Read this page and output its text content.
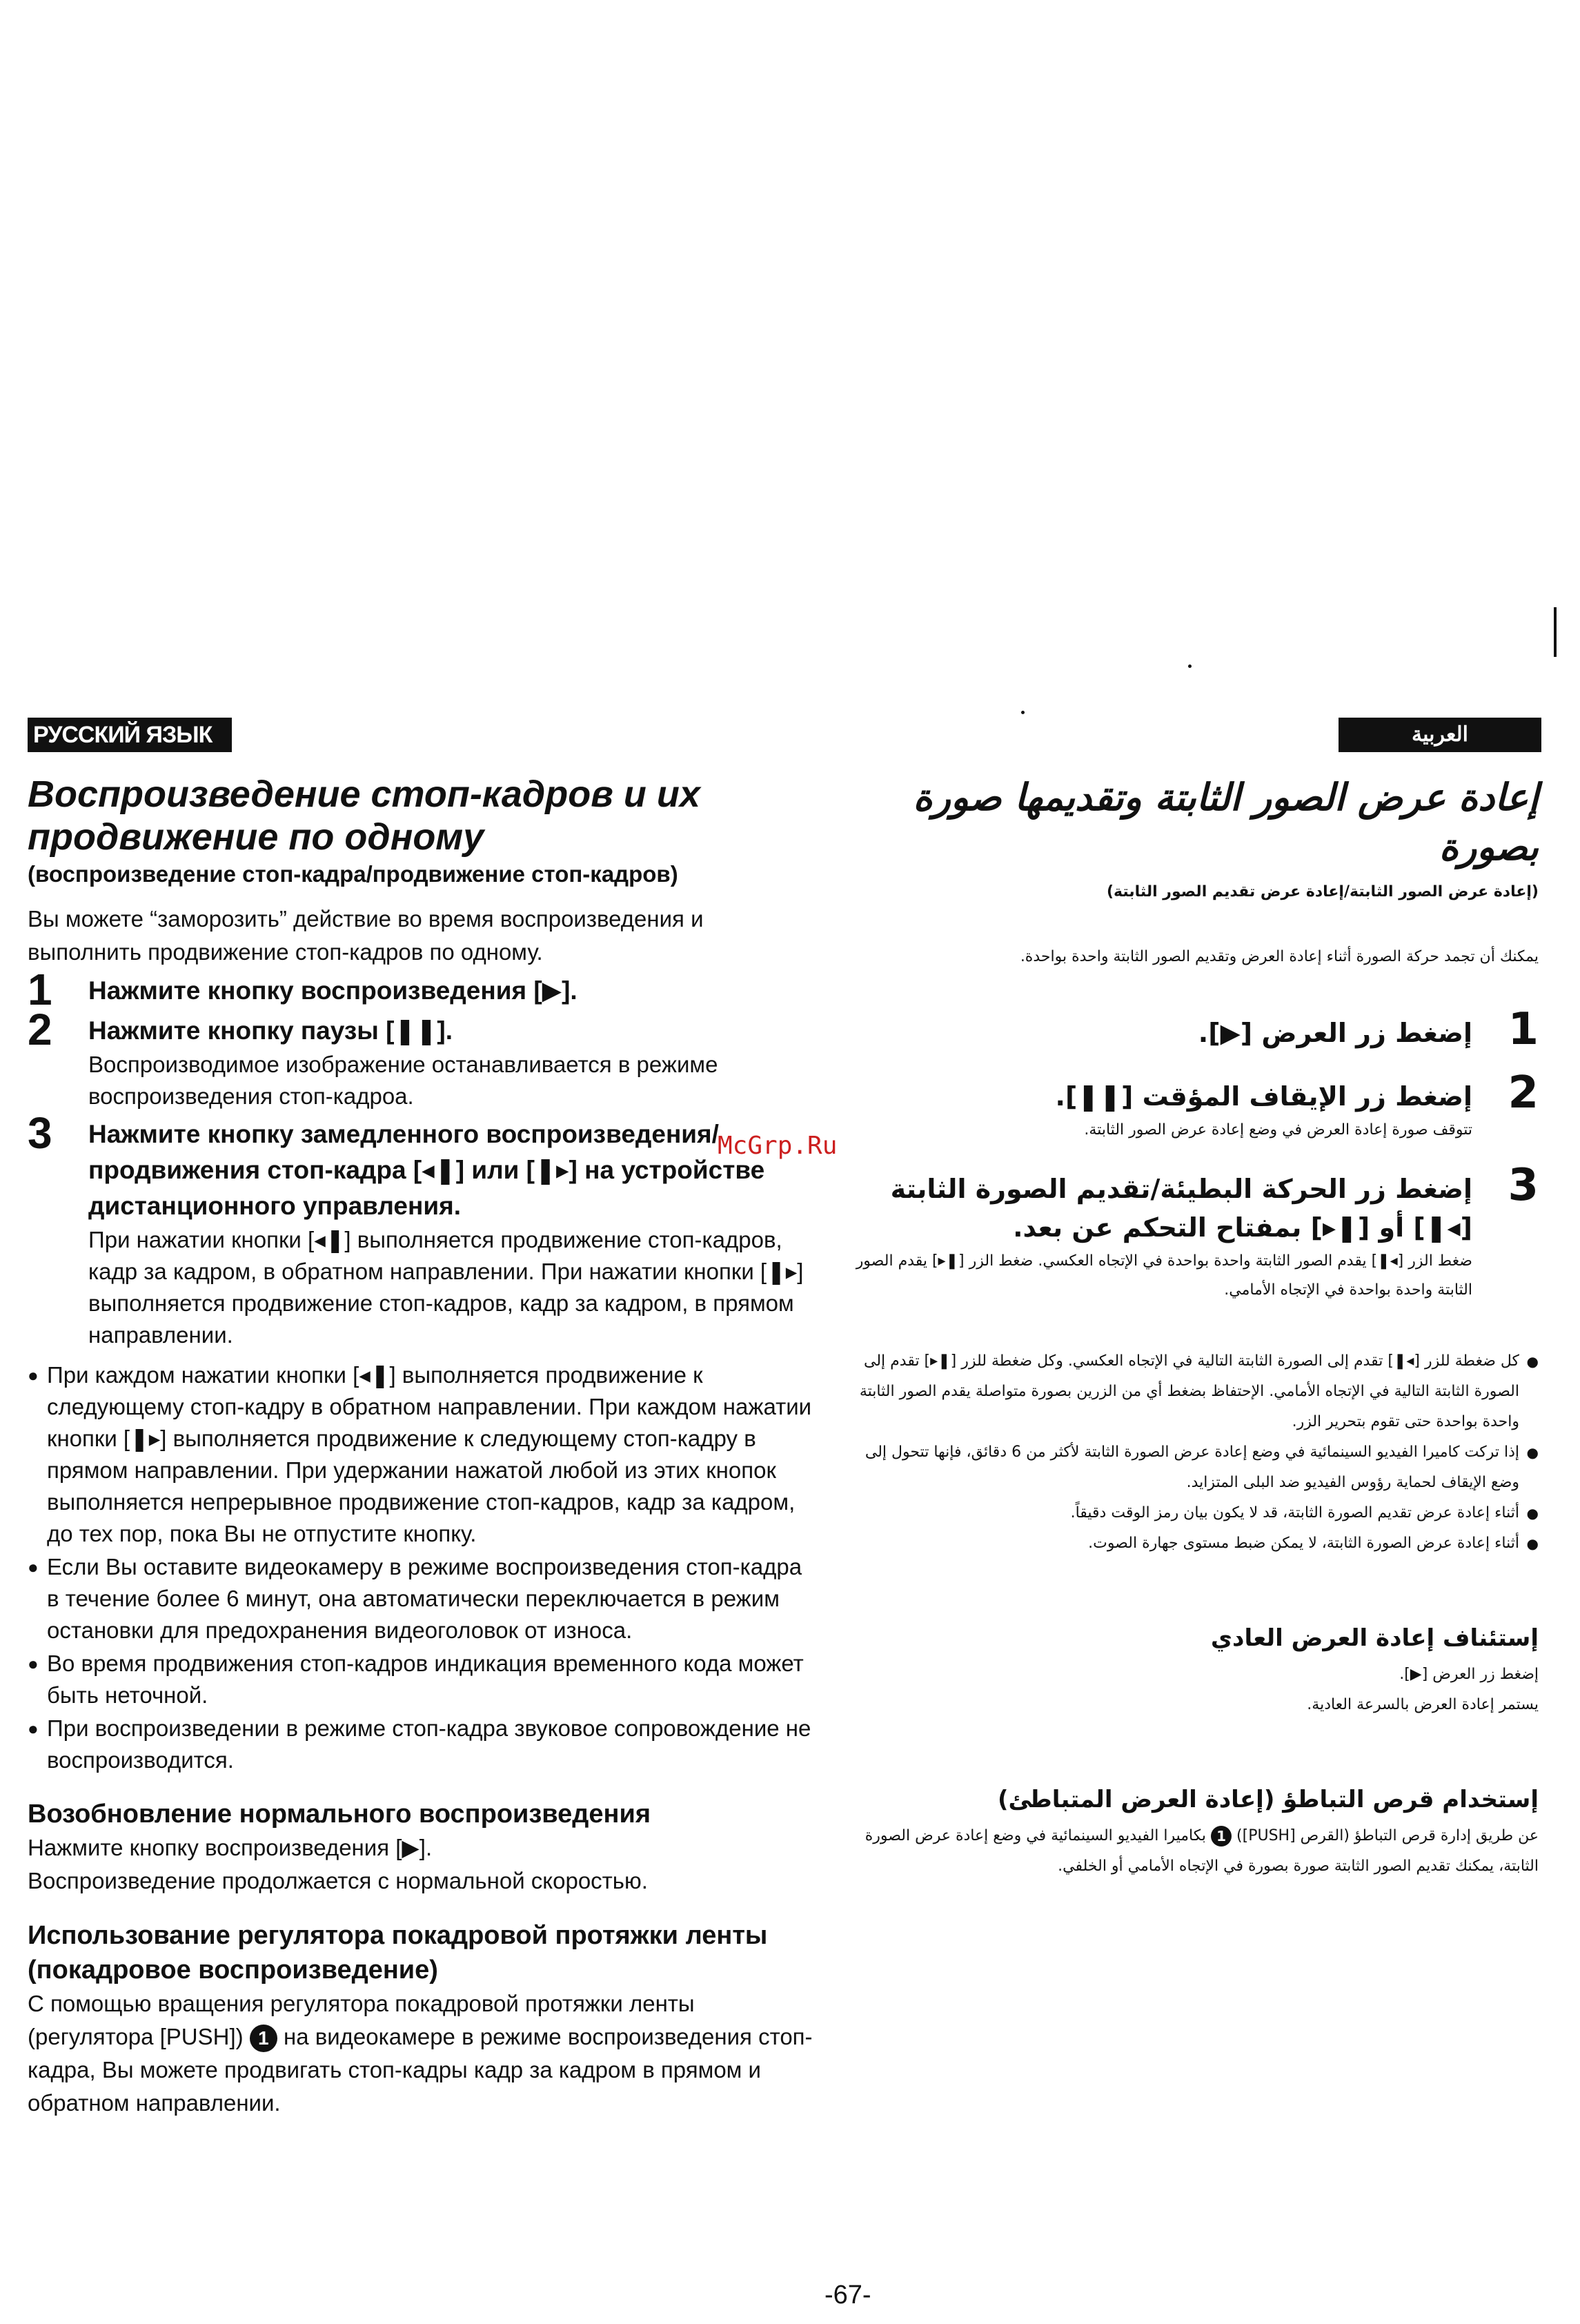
РУССКИЙ ЯЗЫК	العربية
McGrp.Ru
Воспроизведение стоп-кадров и их продвижение по одному
(воспроизведение стоп-кадра/продвижение стоп-кадров)

Вы можете “заморозить” действие во время воспроизведения и выполнить продвижение стоп-кадров по одному.

1 Нажмите кнопку воспроизведения [▶].
2 Нажмите кнопку паузы [❚❚].
Воспроизводимое изображение останавливается в режиме воспроизведения стоп-кадроа.
3 Нажмите кнопку замедленного воспроизведения/продвижения стоп-кадра [◂❚] или [❚▸] на устройстве дистанционного управления.
При нажатии кнопки [◂❚] выполняется продвижение стоп-кадров, кадр за кадром, в обратном направлении. При нажатии кнопки [❚▸] выполняется продвижение стоп-кадров, кадр за кадром, в прямом направлении.
● При каждом нажатии кнопки [◂❚] выполняется продвижение к следующему стоп-кадру в обратном направлении. При каждом нажатии кнопки [❚▸] выполняется продвижение к следующему стоп-кадру в прямом направлении. При удержании нажатой любой из этих кнопок выполняется непрерывное продвижение стоп-кадров, кадр за кадром, до тех пор, пока Вы не отпустите кнопку.
● Если Вы оставите видеокамеру в режиме воспроизведения стоп-кадра в течение более 6 минут, она автоматически переключается в режим остановки для предохранения видеоголовок от износа.
● Во время продвижения стоп-кадров индикация временного кода может быть неточной.
● При воспроизведении в режиме стоп-кадра звуковое сопровождение не воспроизводится.
Возобновление нормального воспроизведения

Нажмите кнопку воспроизведения [▶].

Воспроизведение продолжается с нормальной скоростью.

Использование регулятора покадровой протяжки ленты (покадровое воспроизведение)

С помощью вращения регулятора покадровой протяжки ленты (регулятора [PUSH]) 1 на видеокамере в режиме воспроизведения стоп-кадра, Вы можете продвигать стоп-кадры кадр за кадром в прямом и обратном направлении.

إعادة عرض الصور الثابتة وتقديمها صورة بصورة
(إعادة عرض الصور الثابتة/إعادة عرض تقديم الصور الثابتة)

يمكنك أن تجمد حركة الصورة أثناء إعادة العرض وتقديم الصور الثابتة واحدة بواحدة.

1
إضغط زر العرض [▶].
2
إضغط زر الإيقاف المؤقت [❚❚].
تتوقف صورة إعادة العرض في وضع إعادة عرض الصور الثابتة.
3
إضغط زر الحركة البطيئة/تقديم الصورة الثابتة [◂❚] أو [❚▸] بمفتاح التحكم عن بعد.
ضغط الزر [◂❚] يقدم الصور الثابتة واحدة بواحدة في الإتجاه العكسي. ضغط الزر [❚▸] يقدم الصور الثابتة واحدة بواحدة في الإتجاه الأمامي.
● كل ضغطة للزر [◂❚] تقدم إلى الصورة الثابتة التالية في الإتجاه العكسي. وكل ضغطة للزر [❚▸] تقدم إلى الصورة الثابتة التالية في الإتجاه الأمامي. الإحتفاظ بضغط أي من الزرين بصورة متواصلة يقدم الصور الثابتة واحدة بواحدة حتى تقوم بتحرير الزر.
● إذا تركت كاميرا الفيديو السينمائية في وضع إعادة عرض الصورة الثابتة لأكثر من 6 دقائق، فإنها تتحول إلى وضع الإيقاف لحماية رؤوس الفيديو ضد البلى المتزايد.
● أثناء إعادة عرض تقديم الصورة الثابتة، قد لا يكون بيان رمز الوقت دقيقاً.
● أثناء إعادة عرض الصورة الثابتة، لا يمكن ضبط مستوى جهارة الصوت.
إستئناف إعادة العرض العادي

إضغط زر العرض [▶].

يستمر إعادة العرض بالسرعة العادية.

إستخدام قرص التباطؤ (إعادة العرض المتباطئ)

عن طريق إدارة قرص التباطؤ (القرص [PUSH]) 1 بكاميرا الفيديو السينمائية في وضع إعادة عرض الصورة الثابتة، يمكنك تقديم الصور الثابتة صورة بصورة في الإتجاه الأمامي أو الخلفي.

-67-
